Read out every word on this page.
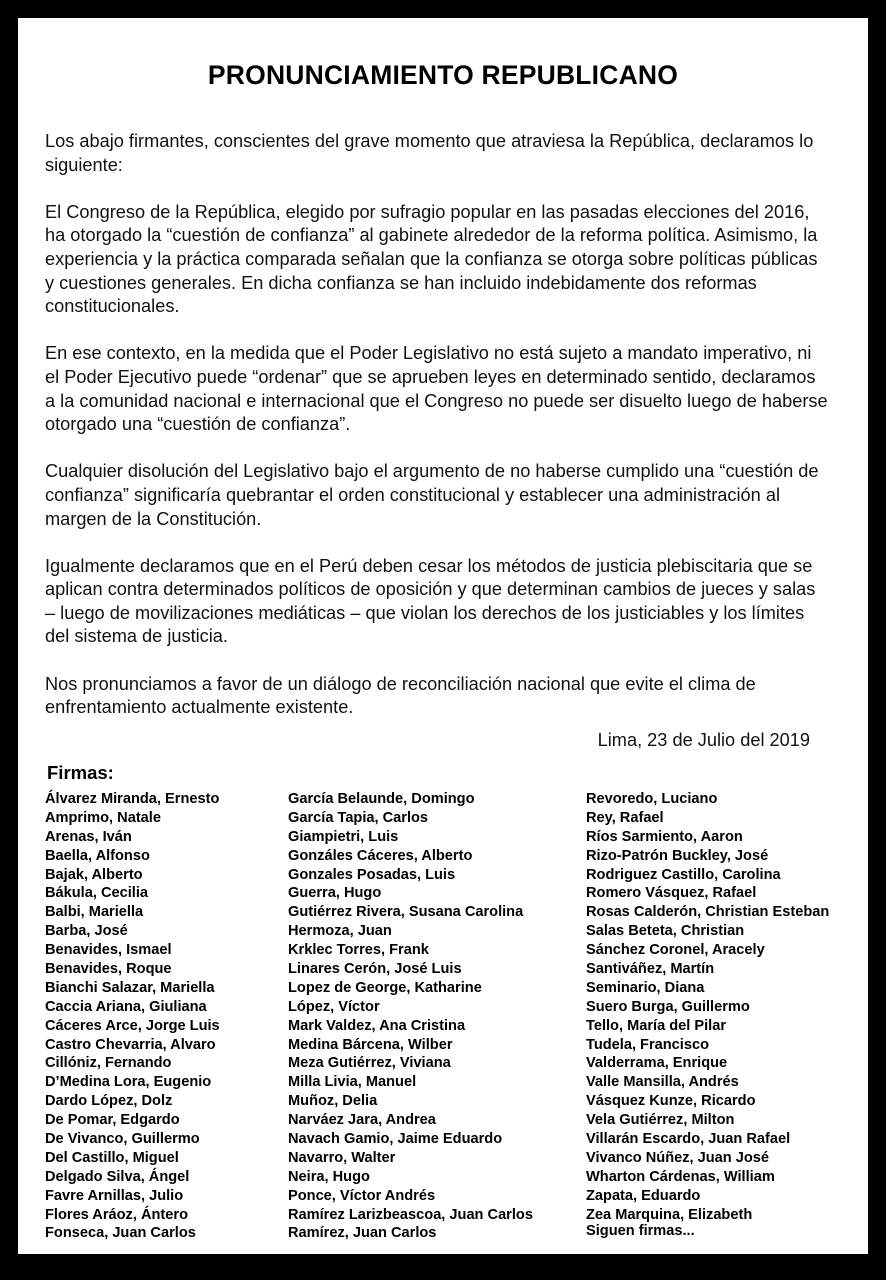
PRONUNCIAMIENTO REPUBLICANO

Los abajo firmantes, conscientes del grave momento que atraviesa la República, declaramos lo siguiente:

El Congreso de la República, elegido por sufragio popular en las pasadas elecciones del 2016, ha otorgado la “cuestión de confianza” al gabinete alrededor de la reforma política. Asimismo, la experiencia y la práctica comparada señalan que la confianza se otorga sobre políticas públicas y cuestiones generales. En dicha confianza se han incluido indebidamente dos reformas constitucionales.

En ese contexto, en la medida que el Poder Legislativo no está sujeto a mandato imperativo, ni el Poder Ejecutivo puede “ordenar” que se aprueben leyes en determinado sentido, declaramos a la comunidad nacional e internacional que el Congreso no puede ser disuelto luego de haberse otorgado una “cuestión de confianza”.

Cualquier disolución del Legislativo bajo el argumento de no haberse cumplido una “cuestión de confianza” significaría quebrantar el orden constitucional y establecer una administración al margen de la Constitución.

Igualmente declaramos que en el Perú deben cesar los métodos de justicia plebiscitaria que se aplican contra determinados políticos de oposición y que determinan cambios de jueces y salas – luego de movilizaciones mediáticas – que violan los derechos de los justiciables y los límites del sistema de justicia.

Nos pronunciamos a favor de un diálogo de reconciliación nacional que evite el clima de enfrentamiento actualmente existente.

Lima, 23 de Julio del 2019
Firmas:
Álvarez Miranda, Ernesto
Amprimo, Natale
Arenas, Iván
Baella, Alfonso
Bajak, Alberto
Bákula, Cecilia
Balbi, Mariella
Barba, José
Benavides, Ismael
Benavides, Roque
Bianchi Salazar, Mariella
Caccia Ariana, Giuliana
Cáceres Arce, Jorge Luis
Castro Chevarria, Alvaro
Cillóniz, Fernando
D’Medina Lora, Eugenio
Dardo López, Dolz
De Pomar, Edgardo
De Vivanco, Guillermo
Del Castillo, Miguel
Delgado Silva, Ángel
Favre Arnillas, Julio
Flores Aráoz, Ántero
Fonseca, Juan Carlos
García Belaunde, Domingo
García Tapia, Carlos
Giampietri, Luis
Gonzáles Cáceres, Alberto
Gonzales Posadas, Luis
Guerra, Hugo
Gutiérrez Rivera, Susana Carolina
Hermoza, Juan
Krklec Torres, Frank
Linares Cerón, José Luis
Lopez de George, Katharine
López, Víctor
Mark Valdez, Ana Cristina
Medina Bárcena, Wilber
Meza Gutiérrez, Viviana
Milla Livia, Manuel
Muñoz, Delia
Narváez Jara, Andrea
Navach Gamio, Jaime Eduardo
Navarro, Walter
Neira, Hugo
Ponce, Víctor Andrés
Ramírez Larizbeascoa, Juan Carlos
Ramírez, Juan Carlos
Revoredo, Luciano
Rey, Rafael
Ríos Sarmiento, Aaron
Rizo-Patrón Buckley, José
Rodriguez Castillo, Carolina
Romero Vásquez, Rafael
Rosas Calderón, Christian Esteban
Salas Beteta, Christian
Sánchez Coronel, Aracely
Santiváñez, Martín
Seminario, Diana
Suero Burga, Guillermo
Tello, María del Pilar
Tudela, Francisco
Valderrama, Enrique
Valle Mansilla, Andrés
Vásquez Kunze, Ricardo
Vela Gutiérrez, Milton
Villarán Escardo, Juan Rafael
Vivanco Núñez, Juan José
Wharton Cárdenas, William
Zapata, Eduardo
Zea Marquina, Elizabeth
Siguen firmas...
